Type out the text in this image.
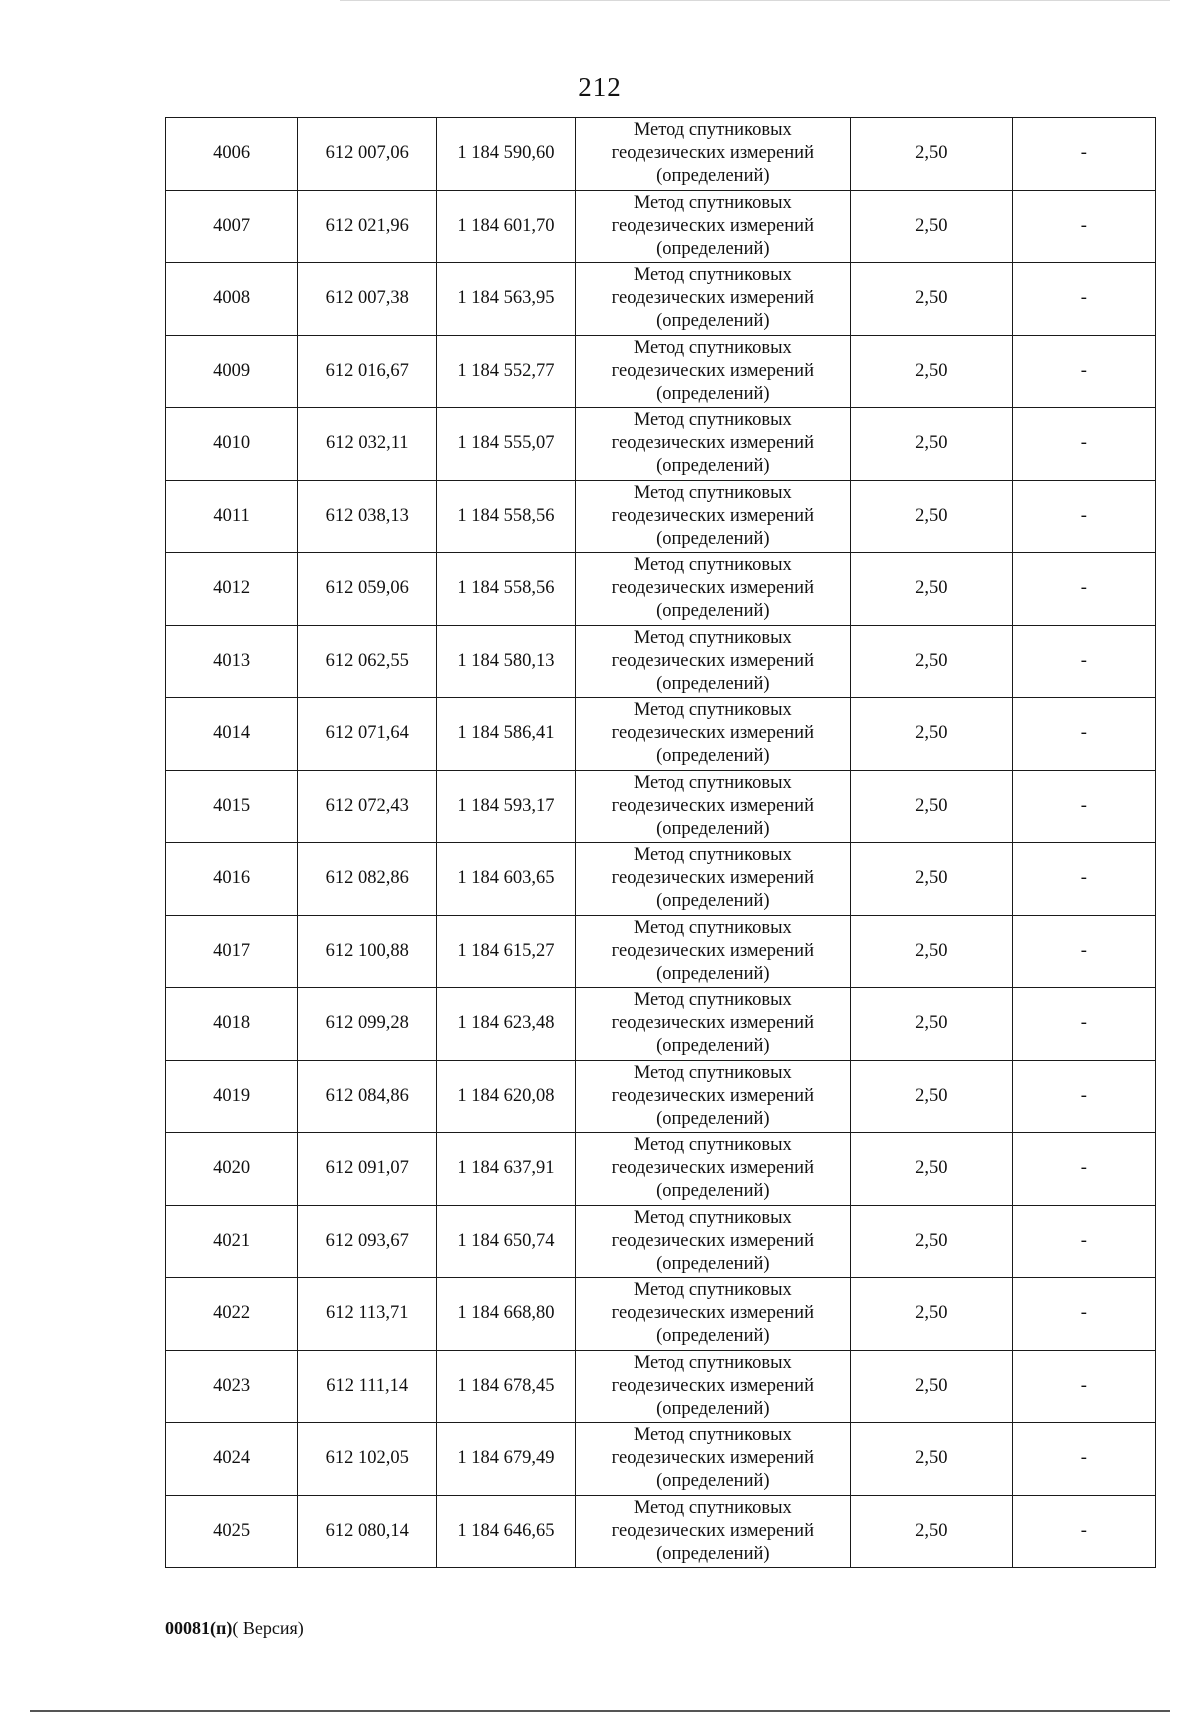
212
4006	612 007,06	1 184 590,60	Метод спутниковых
геодезических измерений
(определений)	2,50	-
4007	612 021,96	1 184 601,70	Метод спутниковых
геодезических измерений
(определений)	2,50	-
4008	612 007,38	1 184 563,95	Метод спутниковых
геодезических измерений
(определений)	2,50	-
4009	612 016,67	1 184 552,77	Метод спутниковых
геодезических измерений
(определений)	2,50	-
4010	612 032,11	1 184 555,07	Метод спутниковых
геодезических измерений
(определений)	2,50	-
4011	612 038,13	1 184 558,56	Метод спутниковых
геодезических измерений
(определений)	2,50	-
4012	612 059,06	1 184 558,56	Метод спутниковых
геодезических измерений
(определений)	2,50	-
4013	612 062,55	1 184 580,13	Метод спутниковых
геодезических измерений
(определений)	2,50	-
4014	612 071,64	1 184 586,41	Метод спутниковых
геодезических измерений
(определений)	2,50	-
4015	612 072,43	1 184 593,17	Метод спутниковых
геодезических измерений
(определений)	2,50	-
4016	612 082,86	1 184 603,65	Метод спутниковых
геодезических измерений
(определений)	2,50	-
4017	612 100,88	1 184 615,27	Метод спутниковых
геодезических измерений
(определений)	2,50	-
4018	612 099,28	1 184 623,48	Метод спутниковых
геодезических измерений
(определений)	2,50	-
4019	612 084,86	1 184 620,08	Метод спутниковых
геодезических измерений
(определений)	2,50	-
4020	612 091,07	1 184 637,91	Метод спутниковых
геодезических измерений
(определений)	2,50	-
4021	612 093,67	1 184 650,74	Метод спутниковых
геодезических измерений
(определений)	2,50	-
4022	612 113,71	1 184 668,80	Метод спутниковых
геодезических измерений
(определений)	2,50	-
4023	612 111,14	1 184 678,45	Метод спутниковых
геодезических измерений
(определений)	2,50	-
4024	612 102,05	1 184 679,49	Метод спутниковых
геодезических измерений
(определений)	2,50	-
4025	612 080,14	1 184 646,65	Метод спутниковых
геодезических измерений
(определений)	2,50	-
00081(п)( Версия)
